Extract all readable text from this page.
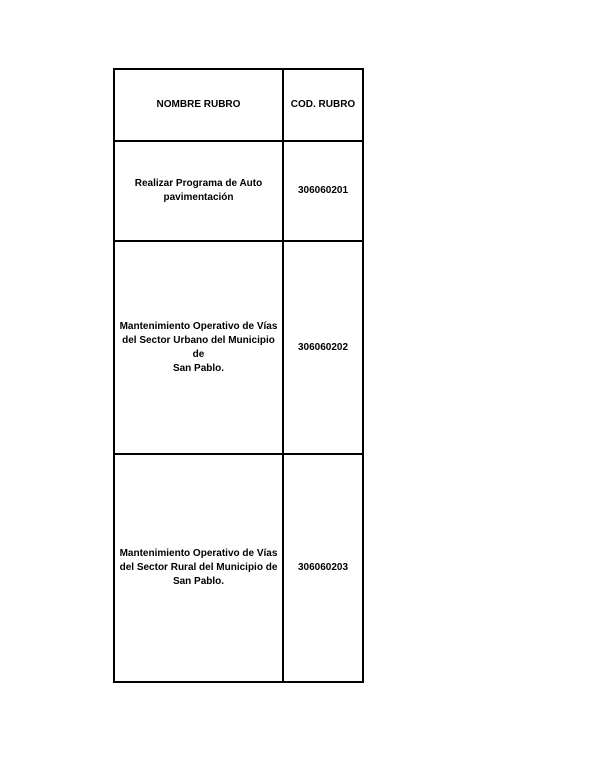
NOMBRE RUBRO	COD. RUBRO
Realizar Programa de Auto
pavimentación	306060201
Mantenimiento Operativo de Vías
del Sector Urbano del Municipio de
San Pablo.	306060202
Mantenimiento Operativo de Vías
del Sector Rural del Municipio de
San Pablo.	306060203
